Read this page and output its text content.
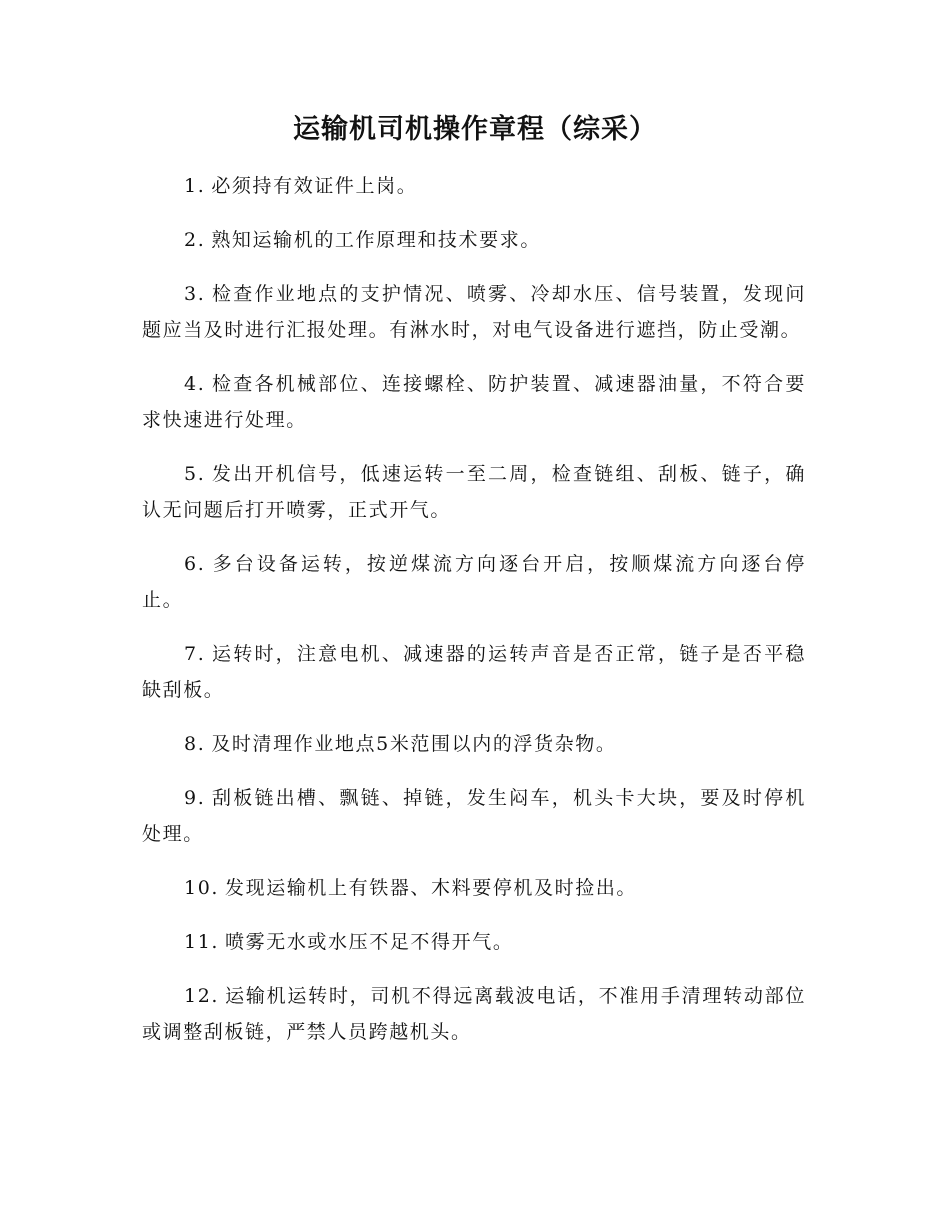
运输机司机操作章程（综采）

1. 必须持有效证件上岗。

2. 熟知运输机的工作原理和技术要求。

3. 检查作业地点的支护情况、喷雾、冷却水压、信号装置，发现问题应当及时进行汇报处理。有淋水时，对电气设备进行遮挡，防止受潮。

4. 检查各机械部位、连接螺栓、防护装置、减速器油量，不符合要求快速进行处理。

5. 发出开机信号，低速运转一至二周，检查链组、刮板、链子，确认无问题后打开喷雾，正式开气。

6. 多台设备运转，按逆煤流方向逐台开启，按顺煤流方向逐台停止。

7. 运转时，注意电机、减速器的运转声音是否正常，链子是否平稳缺刮板。

8. 及时清理作业地点5米范围以内的浮货杂物。

9. 刮板链出槽、飘链、掉链，发生闷车，机头卡大块，要及时停机处理。

10. 发现运输机上有铁器、木料要停机及时捡出。

11. 喷雾无水或水压不足不得开气。

12. 运输机运转时，司机不得远离载波电话，不准用手清理转动部位或调整刮板链，严禁人员跨越机头。
